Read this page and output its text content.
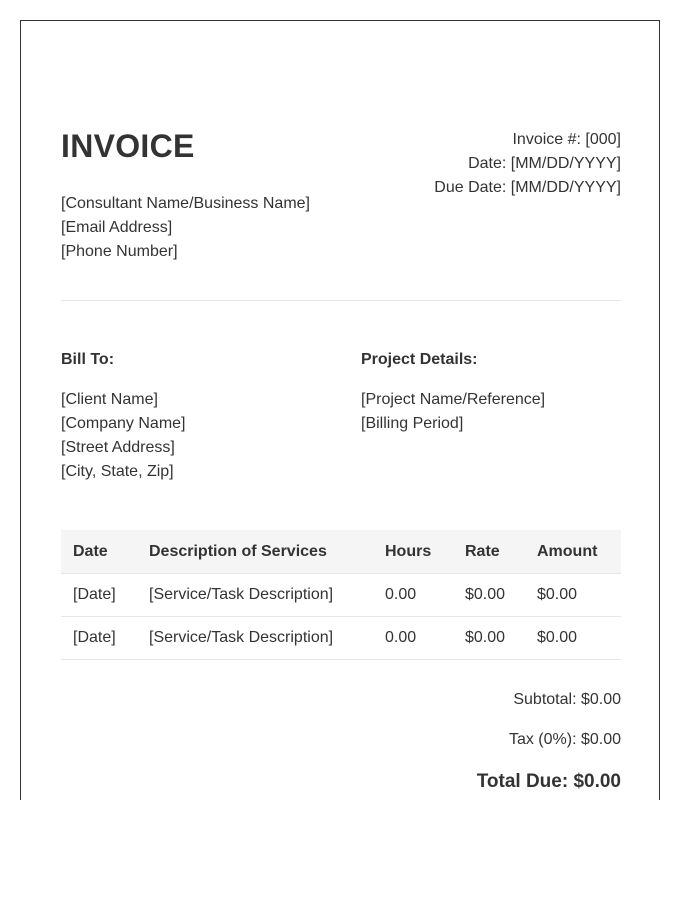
INVOICE	Invoice #: [000]
Date: [MM/DD/YYYY]
Due Date: [MM/DD/YYYY]
[Consultant Name/Business Name]
[Email Address]
[Phone Number]
Bill To:
[Client Name]
[Company Name]
[Street Address]
[City, State, Zip]
Project Details:
[Project Name/Reference]
[Billing Period]
Date	Description of Services	Hours	Rate	Amount
[Date]	[Service/Task Description]	0.00	$0.00	$0.00
[Date]	[Service/Task Description]	0.00	$0.00	$0.00
Subtotal: $0.00
Tax (0%): $0.00
Total Due: $0.00
